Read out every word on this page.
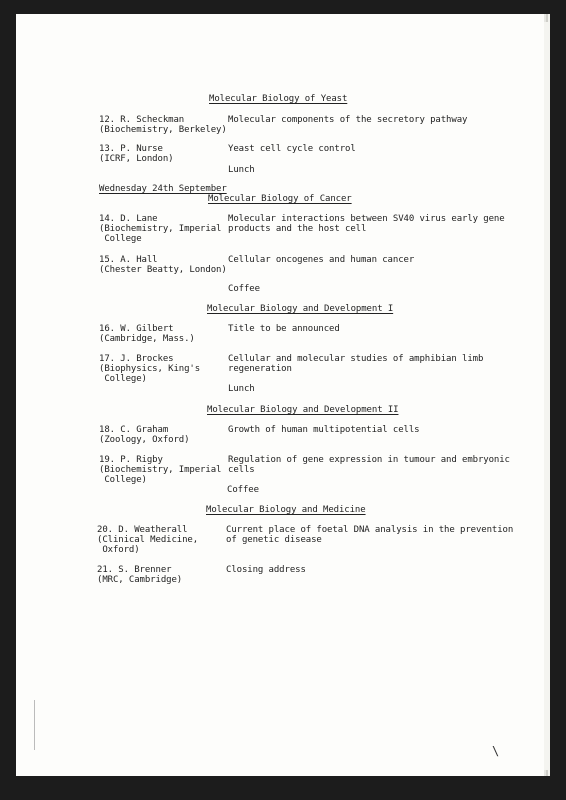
Molecular Biology of Yeast
12. R. Scheckman
(Biochemistry, Berkeley)
Molecular components of the secretory pathway
13. P. Nurse
(ICRF, London)
Yeast cell cycle control
Lunch
Wednesday 24th September
Molecular Biology of Cancer
14. D. Lane
(Biochemistry, Imperial
College
Molecular interactions between SV40 virus early gene
products and the host cell
15. A. Hall
(Chester Beatty, London)
Cellular oncogenes and human cancer
Coffee
Molecular Biology and Development I
16. W. Gilbert
(Cambridge, Mass.)
Title to be announced
17. J. Brockes
(Biophysics, King's
College)
Cellular and molecular studies of amphibian limb
regeneration
Lunch
Molecular Biology and Development II
18. C. Graham
(Zoology, Oxford)
Growth of human multipotential cells
19. P. Rigby
(Biochemistry, Imperial
College)
Regulation of gene expression in tumour and embryonic
cells
Coffee
Molecular Biology and Medicine
20. D. Weatherall
(Clinical Medicine,
Oxford)
Current place of foetal DNA analysis in the prevention
of genetic disease
21. S. Brenner
(MRC, Cambridge)
Closing address
\
